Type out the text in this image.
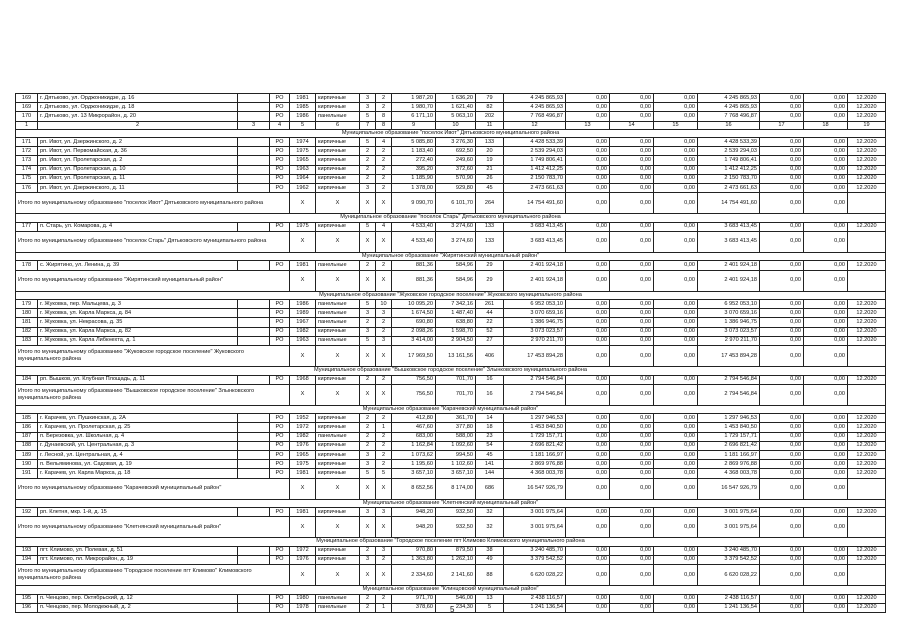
169	г. Дятьково, ул. Орджоникидзе, д. 16		РО	1981	кирпичные	3	2	1 987,20	1 636,20	79	4 245 865,93	0,00	0,00	0,00	4 245 865,93	0,00	0,00	12.2020
169	г. Дятьково, ул. Орджоникидзе, д. 18		РО	1985	кирпичные	3	2	1 980,70	1 621,40	82	4 245 865,93	0,00	0,00	0,00	4 245 865,93	0,00	0,00	12.2020
170	г. Дятьково, ул. 13 Микрорайон, д. 20		РО	1986	панельные	5	8	6 171,10	5 063,10	202	7 768 496,87	0,00	0,00	0,00	7 768 496,87	0,00	0,00	12.2020
1	2	3	4	5	6	7	8	9	10	11	12	13	14	15	16	17	18	19
Муниципальное образование "поселок Ивот" Дятьковского муниципального района																		
171	рп. Ивот, ул. Дзержинского, д. 2		РО	1974	кирпичные	5	4	5 085,80	3 276,30	133	4 428 533,39	0,00	0,00	0,00	4 428 533,39	0,00	0,00	12.2020
172	рп. Ивот, ул. Первомайская, д. 36		РО	1975	кирпичные	2	2	1 183,40	692,50	20	2 539 294,03	0,00	0,00	0,00	2 539 294,03	0,00	0,00	12.2020
173	рп. Ивот, ул. Пролетарская, д. 2		РО	1965	кирпичные	2	2	272,40	249,60	19	1 749 806,41	0,00	0,00	0,00	1 749 806,41	0,00	0,00	12.2020
174	рп. Ивот, ул. Пролетарская, д. 10		РО	1963	кирпичные	2	2	395,20	372,60	21	1 412 412,25	0,00	0,00	0,00	1 412 412,25	0,00	0,00	12.2020
175	рп. Ивот, ул. Пролетарская, д. 11		РО	1964	кирпичные	2	2	1 185,90	570,90	26	2 150 783,70	0,00	0,00	0,00	2 150 783,70	0,00	0,00	12.2020
176	рп. Ивот, ул. Дзержинского, д. 11		РО	1962	кирпичные	3	2	1 378,00	929,80	45	2 473 661,63	0,00	0,00	0,00	2 473 661,63	0,00	0,00	12.2020
Итого по муниципальному образованию "поселок Ивот" Дятьковского муниципального района				X	X	X	X	9 090,70	6 101,70	264	14 754 491,60	0,00	0,00	0,00	14 754 491,60	0,00	0,00	
Муниципальное образование "поселок Старь" Дятьковского муниципального района																		
177	п. Старь, ул. Комарова, д. 4		РО	1975	кирпичные	5	4	4 533,40	3 274,60	133	3 683 413,45	0,00	0,00	0,00	3 683 413,45	0,00	0,00	12.2020
Итого по муниципальному образованию "поселок Старь" Дятьковского муниципального района				X	X	X	X	4 533,40	3 274,60	133	3 683 413,45	0,00	0,00	0,00	3 683 413,45	0,00	0,00	
Муниципальное образование "Жирятинский муниципальный район"																		
178	с. Жирятино, ул. Ленина, д. 39		РО	1981	панельные	2	2	881,36	584,96	29	2 401 924,18	0,00	0,00	0,00	2 401 924,18	0,00	0,00	12.2020
Итого по муниципальному образованию "Жирятинский муниципальный район"				X	X	X	X	881,36	584,96	29	2 401 924,18	0,00	0,00	0,00	2 401 924,18	0,00	0,00	
Муниципальное образование "Жуковское городское поселение" Жуковского муниципального района																		
179	г. Жуковка, пер. Мальцева, д. 3		РО	1986	панельные	5	10	10 095,20	7 342,16	261	6 952 053,10	0,00	0,00	0,00	6 952 053,10	0,00	0,00	12.2020
180	г. Жуковка, ул. Карла Маркса, д. 84		РО	1989	панельные	3	3	1 674,50	1 487,40	44	3 070 659,16	0,00	0,00	0,00	3 070 659,16	0,00	0,00	12.2020
181	г. Жуковка, ул. Некрасова, д. 35		РО	1967	панельные	2	2	690,80	638,80	22	1 386 946,75	0,00	0,00	0,00	1 386 946,75	0,00	0,00	12.2020
182	г. Жуковка, ул. Карла Маркса, д. 82		РО	1982	кирпичные	3	2	2 098,26	1 598,70	52	3 073 023,57	0,00	0,00	0,00	3 073 023,57	0,00	0,00	12.2020
183	г. Жуковка, ул. Карла Либкнехта, д. 1		РО	1963	панельные	5	3	3 414,00	2 904,50	27	2 970 211,70	0,00	0,00	0,00	2 970 211,70	0,00	0,00	12.2020
Итого по муниципальному образованию "Жуковское городское поселение" Жуковского муниципального района				X	X	X	X	17 969,50	13 161,56	406	17 453 894,28	0,00	0,00	0,00	17 453 894,28	0,00	0,00	
Муниципальное образование "Вышковское городское поселение" Злынковского муниципального района																		
184	рп. Вышков, ул. Клубная Площадь, д. 11		РО	1968	кирпичные	2	2	756,50	701,70	16	2 794 546,84	0,00	0,00	0,00	2 794 546,84	0,00	0,00	12.2020
Итого по муниципальному образованию "Вышковское городское поселение" Злынковского муниципального района				X	X	X	X	756,50	701,70	16	2 794 546,84	0,00	0,00	0,00	2 794 546,84	0,00	0,00	
Муниципальное образование "Карачевский муниципальный район"																		
185	г. Карачев, ул. Пушкинская, д. 2А		РО	1952	кирпичные	2	2	412,80	361,70	14	1 297 946,53	0,00	0,00	0,00	1 297 946,53	0,00	0,00	12.2020
186	г. Карачев, ул. Пролетарская, д. 25		РО	1972	кирпичные	2	1	467,60	377,80	18	1 453 840,50	0,00	0,00	0,00	1 453 840,50	0,00	0,00	12.2020
187	п. Березовка, ул. Школьная, д. 4		РО	1982	панельные	2	2	683,00	588,00	23	1 729 157,71	0,00	0,00	0,00	1 729 157,71	0,00	0,00	12.2020
188	г. Дунаевский, ул. Центральная, д. 3		РО	1976	кирпичные	2	2	1 162,84	1 092,60	54	2 696 821,42	0,00	0,00	0,00	2 696 821,42	0,00	0,00	12.2020
189	г. Лесной, ул. Центральная, д. 4		РО	1965	кирпичные	3	2	1 073,62	994,50	45	1 181 166,97	0,00	0,00	0,00	1 181 166,97	0,00	0,00	12.2020
190	п. Вельяминова, ул. Садовая, д. 19		РО	1975	кирпичные	3	2	1 195,60	1 102,60	141	2 869 976,88	0,00	0,00	0,00	2 869 976,88	0,00	0,00	12.2020
191	г. Карачев, ул. Карла Маркса, д. 18		РО	1981	кирпичные	5	5	3 657,10	3 657,10	144	4 368 003,78	0,00	0,00	0,00	4 368 003,78	0,00	0,00	12.2020
Итого по муниципальному образованию "Карачевский муниципальный район"				X	X	X	X	8 652,56	8 174,00	686	16 547 926,79	0,00	0,00	0,00	16 547 926,79	0,00	0,00	
Муниципальное образование "Клетнянский муниципальный район"																		
192	рп. Клетня, мкр. 1-й, д. 15		РО	1981	кирпичные	3	3	948,20	932,50	32	3 001 975,64	0,00	0,00	0,00	3 001 975,64	0,00	0,00	12.2020
Итого по муниципальному образованию "Клетнянский муниципальный район"				X	X	X	X	948,20	932,50	32	3 001 975,64	0,00	0,00	0,00	3 001 975,64	0,00	0,00	
Муниципальное образование "Городское поселение пгт Климово Климовского муниципального района																		
193	пгт. Климово, ул. Полевая, д. 51		РО	1972	кирпичные	2	3	970,80	879,50	38	3 240 485,70	0,00	0,00	0,00	3 240 485,70	0,00	0,00	12.2020
194	пгт. Климово, пл. Микрорайон, д. 19		РО	1976	кирпичные	3	2	1 363,80	1 262,10	49	3 379 542,52	0,00	0,00	0,00	3 379 542,52	0,00	0,00	12.2020
Итого по муниципальному образованию "Городское поселение пгт Климово" Климовского муниципального района				X	X	X	X	2 334,60	2 141,60	88	6 620 028,22	0,00	0,00	0,00	6 620 028,22	0,00	0,00	
Муниципальное образование "Клинцовский муниципальный район"																		
195	п. Ченцово, пер. Октябрьский, д. 12		РО	1980	панельные	2	2	971,70	546,00	13	2 438 116,57	0,00	0,00	0,00	2 438 116,57	0,00	0,00	12.2020
196	п. Ченцово, пер. Молодежный, д. 2		РО	1978	панельные	2	1	378,60	234,30	5	1 241 136,54	0,00	0,00	0,00	1 241 136,54	0,00	0,00	12.2020
5
